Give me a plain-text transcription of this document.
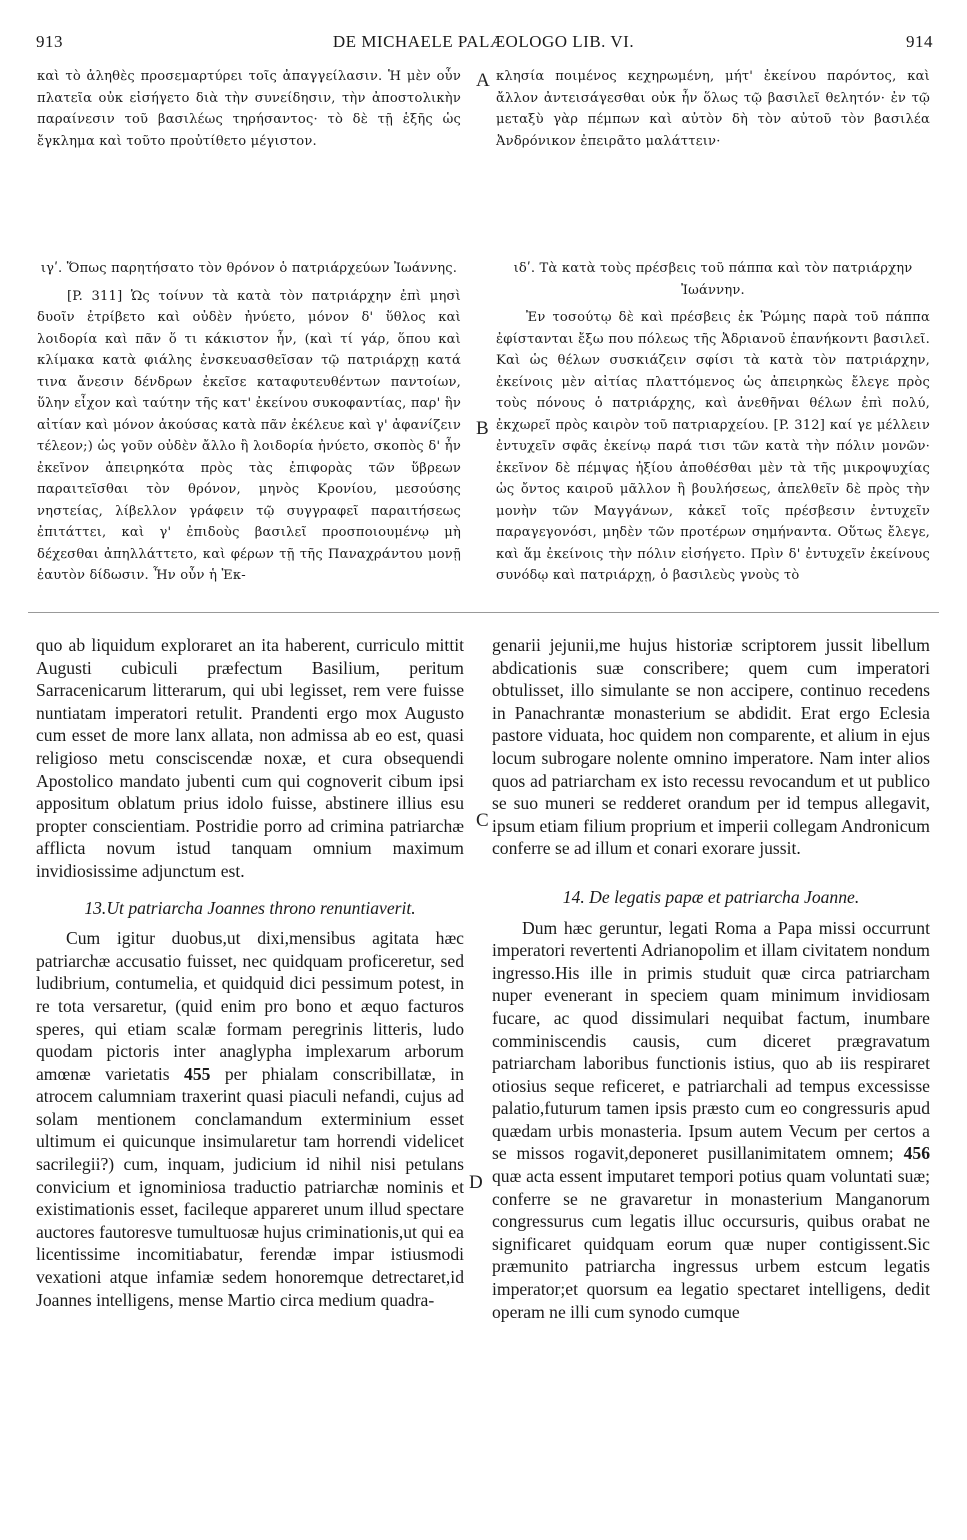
913	DE MICHAELE PALÆOLOGO LIB. VI.	914

καὶ τὸ ἀληθὲς προσεμαρτύρει τοῖς ἀπαγγείλασιν. Ἡ μὲν οὖν πλατεῖα οὐκ εἰσήγετο διὰ τὴν συνείδησιν, τὴν ἀποστολικὴν παραίνεσιν τοῦ βασιλέως τηρήσαντος· τὸ δὲ τῇ ἑξῆς ὡς ἔγκλημα καὶ τοῦτο προὐτίθετο μέγιστον.

κλησία ποιμένος κεχηρωμένη, μήτ' ἐκείνου παρόντος, καὶ ἄλλον ἀντεισάγεσθαι οὐκ ἦν ὅλως τῷ βασιλεῖ θελητόν· ἐν τῷ μεταξὺ γὰρ πέμπων καὶ αὐτὸν δὴ τὸν αὐτοῦ τὸν βασιλέα Ἀνδρόνικον ἐπειρᾶτο μαλάττειν·

ιγʹ. Ὅπως παρητήσατο τὸν θρόνον ὁ πατριάρχεύων Ἰωάννης.

[P. 311] Ὡς τοίνυν τὰ κατὰ τὸν πατριάρχην ἐπὶ μησὶ δυοῖν ἐτρίβετο καὶ οὐδὲν ἠνύετο, μόνον δ' ὕθλος καὶ λοιδορία καὶ πᾶν ὅ τι κάκιστον ἦν, (καὶ τί γάρ, ὅπου καὶ κλίμακα κατὰ φιάλης ἐνσκευασθεῖσαν τῷ πατριάρχῃ κατά τινα ἄνεσιν δένδρων ἐκεῖσε καταφυτευθέντων παντοίων, ὕλην εἶχον καὶ ταύτην τῆς κατ' ἐκείνου συκοφαντίας, παρ' ἣν αἰτίαν καὶ μόνον ἀκούσας κατὰ πᾶν ἐκέλευε καὶ γ' ἀφανίζειν τέλεον;) ὡς γοῦν οὐδὲν ἄλλο ἢ λοιδορία ἠνύετο, σκοπὸς δ' ἦν ἐκεῖνον ἀπειρηκότα πρὸς τὰς ἐπιφορὰς τῶν ὕβρεων παραιτεῖσθαι τὸν θρόνον, μηνὸς Κρονίου, μεσούσης νηστείας, λίβελλον γράφειν τῷ συγγραφεῖ παραιτήσεως ἐπιτάττει, καὶ γ' ἐπιδοὺς βασιλεῖ προσποιουμένῳ μὴ δέχεσθαι ἀπηλλάττετο, καὶ φέρων τῇ τῆς Παναχράντου μονῇ ἑαυτὸν δίδωσιν. Ἦν οὖν ἡ Ἐκ-

ιδʹ. Τὰ κατὰ τοὺς πρέσβεις τοῦ πάππα καὶ τὸν πατριάρχην Ἰωάννην.

Ἐν τοσούτῳ δὲ καὶ πρέσβεις ἐκ Ῥώμης παρὰ τοῦ πάππα ἐφίστανται ἔξω που πόλεως τῆς Ἀδριανοῦ ἐπανήκοντι βασιλεῖ. Καὶ ὡς θέλων συσκιάζειν σφίσι τὰ κατὰ τὸν πατριάρχην, ἐκείνοις μὲν αἰτίας πλαττόμενος ὡς ἀπειρηκὼς ἔλεγε πρὸς τοὺς πόνους ὁ πατριάρχης, καὶ ἀνεθῆναι θέλων ἐπὶ πολύ, ἐκχωρεῖ πρὸς καιρὸν τοῦ πατριαρχείου. [P. 312] καί γε μέλλειν ἐντυχεῖν σφᾶς ἐκείνῳ παρά τισι τῶν κατὰ τὴν πόλιν μονῶν· ἐκεῖνον δὲ πέμψας ἠξίου ἀποθέσθαι μὲν τὰ τῆς μικροψυχίας ὡς ὄντος καιροῦ μᾶλλον ἢ βουλήσεως, ἀπελθεῖν δὲ πρὸς τὴν μονὴν τῶν Μαγγάνων, κἀκεῖ τοῖς πρέσβεσιν ἐντυχεῖν παραγεγονόσι, μηδὲν τῶν προτέρων σημήναντα. Οὕτως ἔλεγε, καὶ ἅμ ἐκείνοις τὴν πόλιν εἰσήγετο. Πρὶν δ' ἐντυχεῖν ἐκείνους συνόδῳ καὶ πατριάρχῃ, ὁ βασιλεὺς γνοὺς τὸ

quo ab liquidum exploraret an ita haberent, curriculo mittit Augusti cubiculi præfectum Basilium, peritum Sarracenicarum litterarum, qui ubi legisset, rem vere fuisse nuntiatam imperatori retulit. Prandenti ergo mox Augusto cum esset de more lanx allata, non admissa ab eo est, quasi religioso metu consciscendæ noxæ, et cura obsequendi Apostolico mandato jubenti cum qui cognoverit cibum ipsi appositum oblatum prius idolo fuisse, abstinere illius esu propter conscientiam. Postridie porro ad crimina patriarchæ afflicta novum istud tanquam omnium maximum invidiosissime adjunctum est.

13.Ut patriarcha Joannes throno renuntiaverit.

Cum igitur duobus,ut dixi,mensibus agitata hæc patriarchæ accusatio fuisset, nec quidquam proficeretur, sed ludibrium, contumelia, et quidquid dici pessimum potest, in re tota versaretur, (quid enim pro bono et æquo facturos speres, qui etiam scalæ formam peregrinis litteris, ludo quodam pictoris inter anaglypha implexarum arborum amœnæ varietatis 455 per phialam conscribillatæ, in atrocem calumniam traxerint quasi piaculi nefandi, cujus ad solam mentionem conclamandum exterminium esset ultimum ei quicunque insimularetur tam horrendi videlicet sacrilegii?) cum, inquam, judicium id nihil nisi petulans convicium et ignominiosa traductio patriarchæ nominis et existimationis esset, facileque appareret unum illud spectare auctores fautoresve tumultuosæ hujus criminationis,ut qui ea licentissime incomitiabatur, ferendæ impar istiusmodi vexationi atque infamiæ sedem honoremque detrectaret,id Joannes intelligens, mense Martio circa medium quadra-

genarii jejunii,me hujus historiæ scriptorem jussit libellum abdicationis suæ conscribere; quem cum imperatori obtulisset, illo simulante se non accipere, continuo recedens in Panachrantæ monasterium se abdidit. Erat ergo Eclesia pastore viduata, hoc quidem non comparente, et alium in ejus locum subrogare nolente omnino imperatore. Nam inter alios quos ad patriarcham ex isto recessu revocandum et ut publico se suo muneri se redderet orandum per id tempus allegavit, ipsum etiam filium proprium et imperii collegam Andronicum conferre se ad illum et conari exorare jussit.

14. De legatis papæ et patriarcha Joanne.

Dum hæc geruntur, legati Roma a Papa missi occurrunt imperatori revertenti Adrianopolim et illam civitatem nondum ingresso.His ille in primis studuit quæ circa patriarcham nuper evenerant in speciem quam minimum invidiosam fucare, ac quod dissimulari nequibat factum, inumbare comminiscendis causis, cum diceret prægravatum patriarcham laboribus functionis istius, quo ab iis respiraret otiosius seque reficeret, e patriarchali ad tempus excessisse palatio,futurum tamen ipsis præsto cum eo congressuris apud quædam urbis monasteria. Ipsum autem Vecum per certos a se missos rogavit,deponeret pusillanimitatem omnem; 456 quæ acta essent imputaret tempori potius quam voluntati suæ; conferre se ne gravaretur in monasterium Manganorum congressurus cum legatis illuc occursuris, quibus orabat ne significaret quidquam eorum quæ nuper contigissent.Sic præmunito patriarcha ingressus urbem estcum legatis imperator;et quorsum ea legatio spectaret intelligens, dedit operam ne illi cum synodo cumque

A
B
C
D
